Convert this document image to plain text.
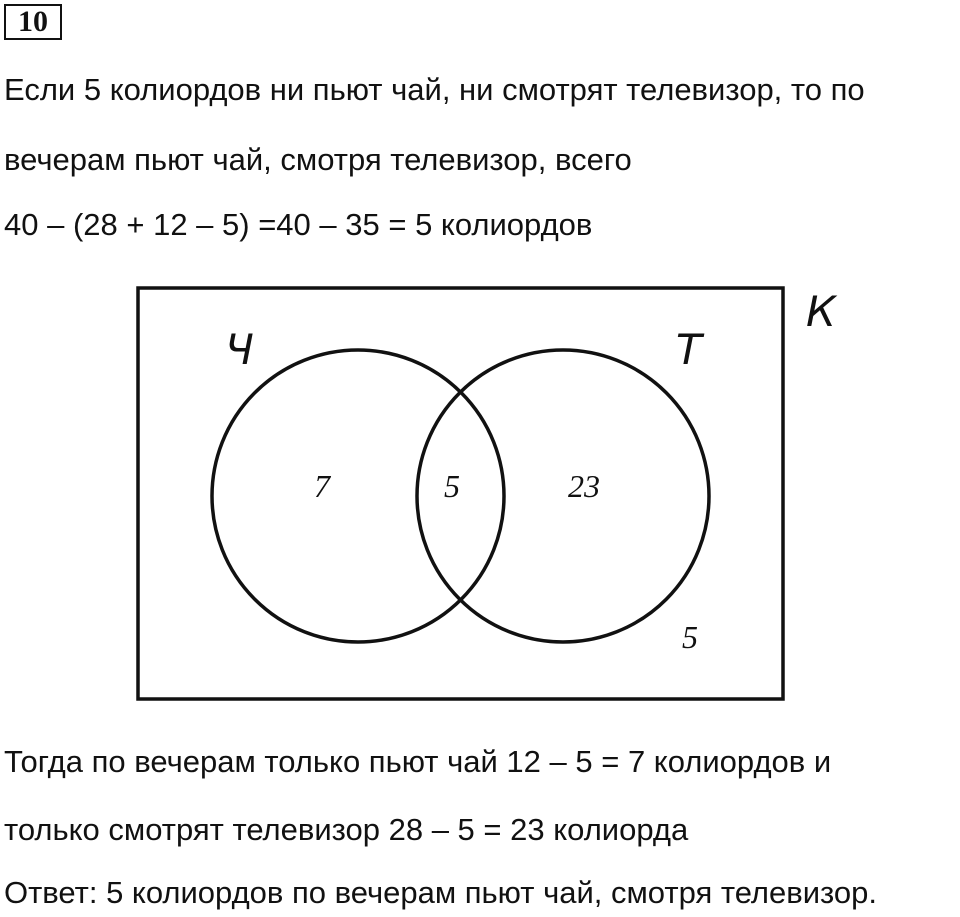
10
Если 5 колиордов ни пьют чай, ни смотрят телевизор, то по
вечерам пьют чай, смотря телевизор, всего
40 – (28 + 12 – 5) =40 – 35 = 5 колиордов
К
Ч	Т
7	5	23
5
Тогда по вечерам только пьют чай 12 – 5 = 7 колиордов и
только смотрят телевизор 28 – 5 = 23 колиорда
Ответ: 5 колиордов по вечерам пьют чай, смотря телевизор.
